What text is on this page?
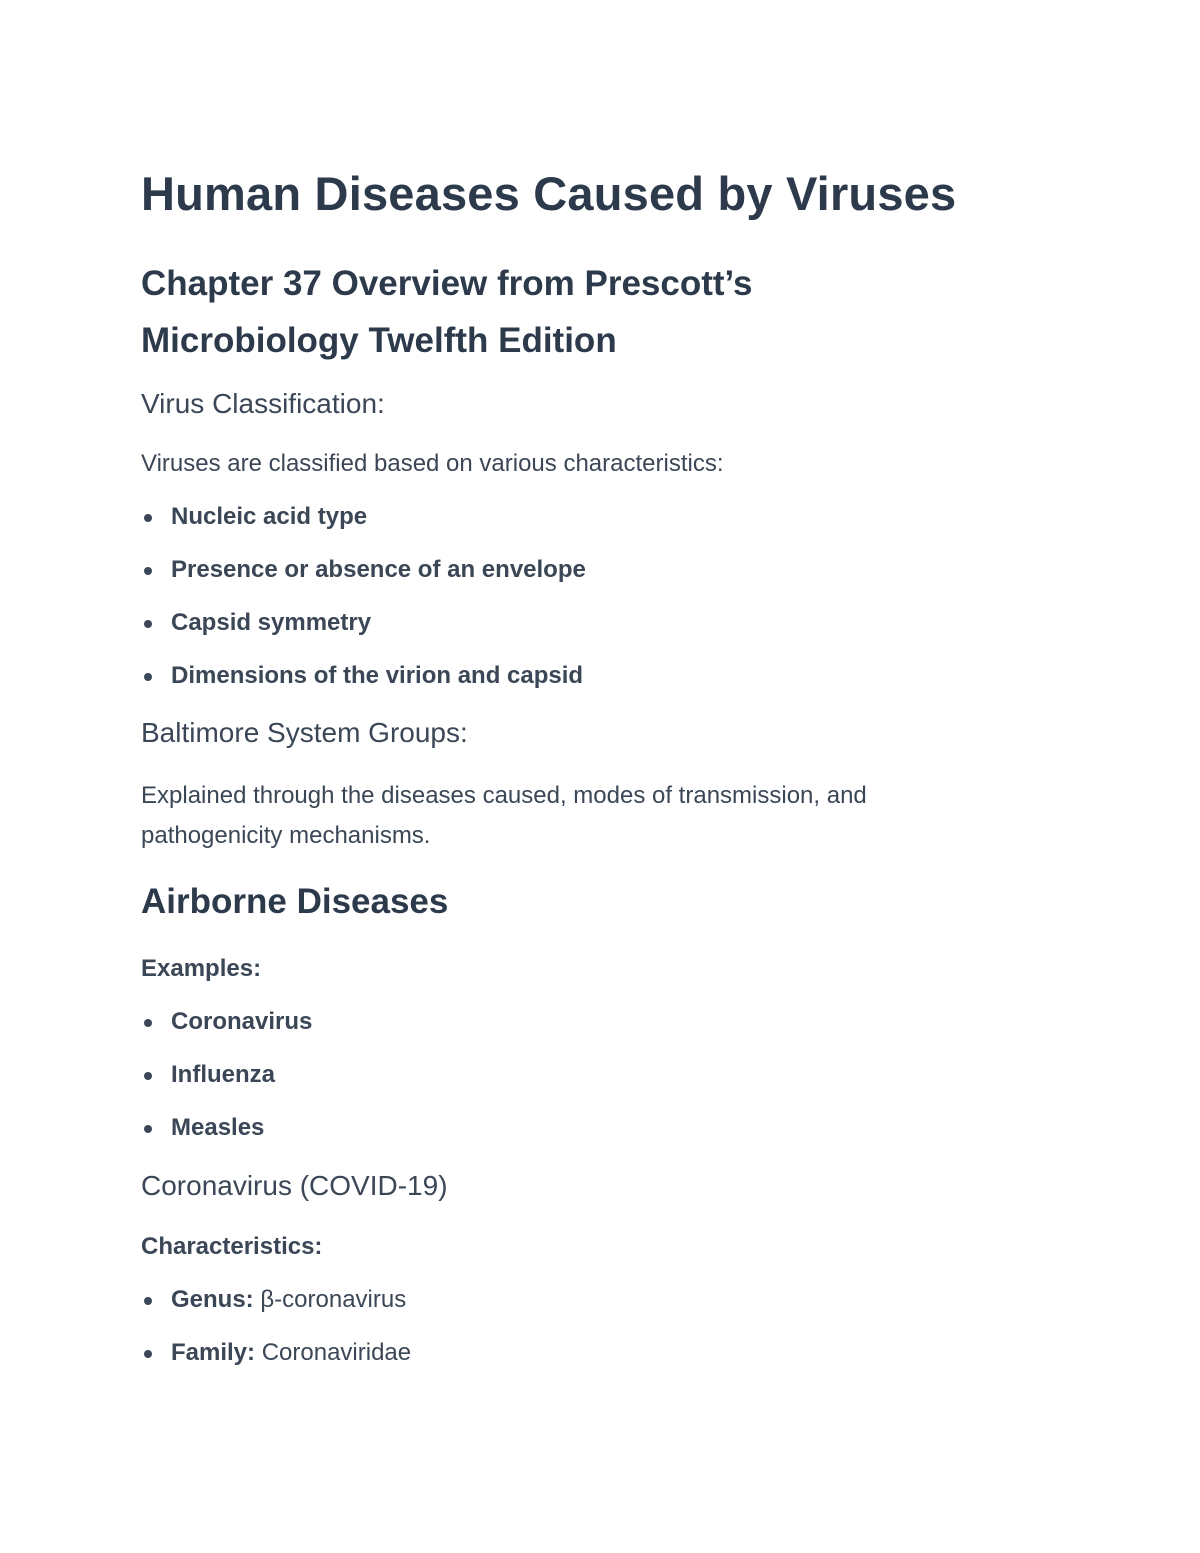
Human Diseases Caused by Viruses
Chapter 37 Overview from Prescott’s Microbiology Twelfth Edition
Virus Classification:
Viruses are classified based on various characteristics:
Nucleic acid type
Presence or absence of an envelope
Capsid symmetry
Dimensions of the virion and capsid
Baltimore System Groups:
Explained through the diseases caused, modes of transmission, and pathogenicity mechanisms.
Airborne Diseases
Examples:
Coronavirus
Influenza
Measles
Coronavirus (COVID-19)
Characteristics:
Genus: β-coronavirus
Family: Coronaviridae
